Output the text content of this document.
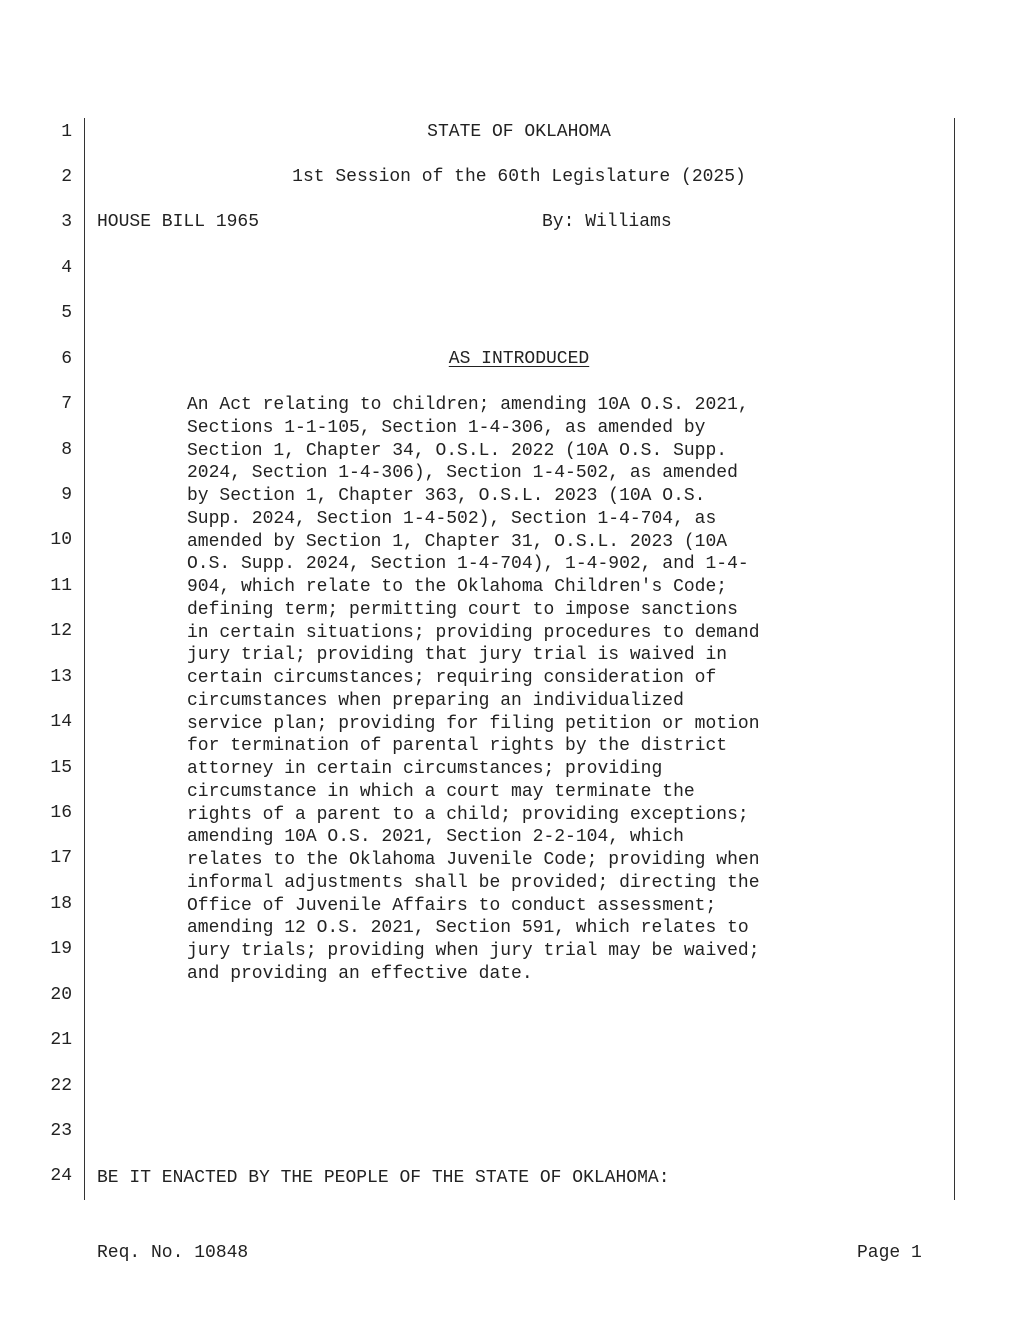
1
2
3
4
5
6
7
8
9
10
11
12
13
14
15
16
17
18
19
20
21
22
23
24
STATE OF OKLAHOMA
1st Session of the 60th Legislature (2025)
HOUSE BILL 1965	By: Williams
AS INTRODUCED
An Act relating to children; amending 10A O.S. 2021,
Sections 1-1-105, Section 1-4-306, as amended by
Section 1, Chapter 34, O.S.L. 2022 (10A O.S. Supp.
2024, Section 1-4-306), Section 1-4-502, as amended
by Section 1, Chapter 363, O.S.L. 2023 (10A O.S.
Supp. 2024, Section 1-4-502), Section 1-4-704, as
amended by Section 1, Chapter 31, O.S.L. 2023 (10A
O.S. Supp. 2024, Section 1-4-704), 1-4-902, and 1-4-
904, which relate to the Oklahoma Children's Code;
defining term; permitting court to impose sanctions
in certain situations; providing procedures to demand
jury trial; providing that jury trial is waived in
certain circumstances; requiring consideration of
circumstances when preparing an individualized
service plan; providing for filing petition or motion
for termination of parental rights by the district
attorney in certain circumstances; providing
circumstance in which a court may terminate the
rights of a parent to a child; providing exceptions;
amending 10A O.S. 2021, Section 2-2-104, which
relates to the Oklahoma Juvenile Code; providing when
informal adjustments shall be provided; directing the
Office of Juvenile Affairs to conduct assessment;
amending 12 O.S. 2021, Section 591, which relates to
jury trials; providing when jury trial may be waived;
and providing an effective date.
BE IT ENACTED BY THE PEOPLE OF THE STATE OF OKLAHOMA:
Req. No. 10848	Page 1
